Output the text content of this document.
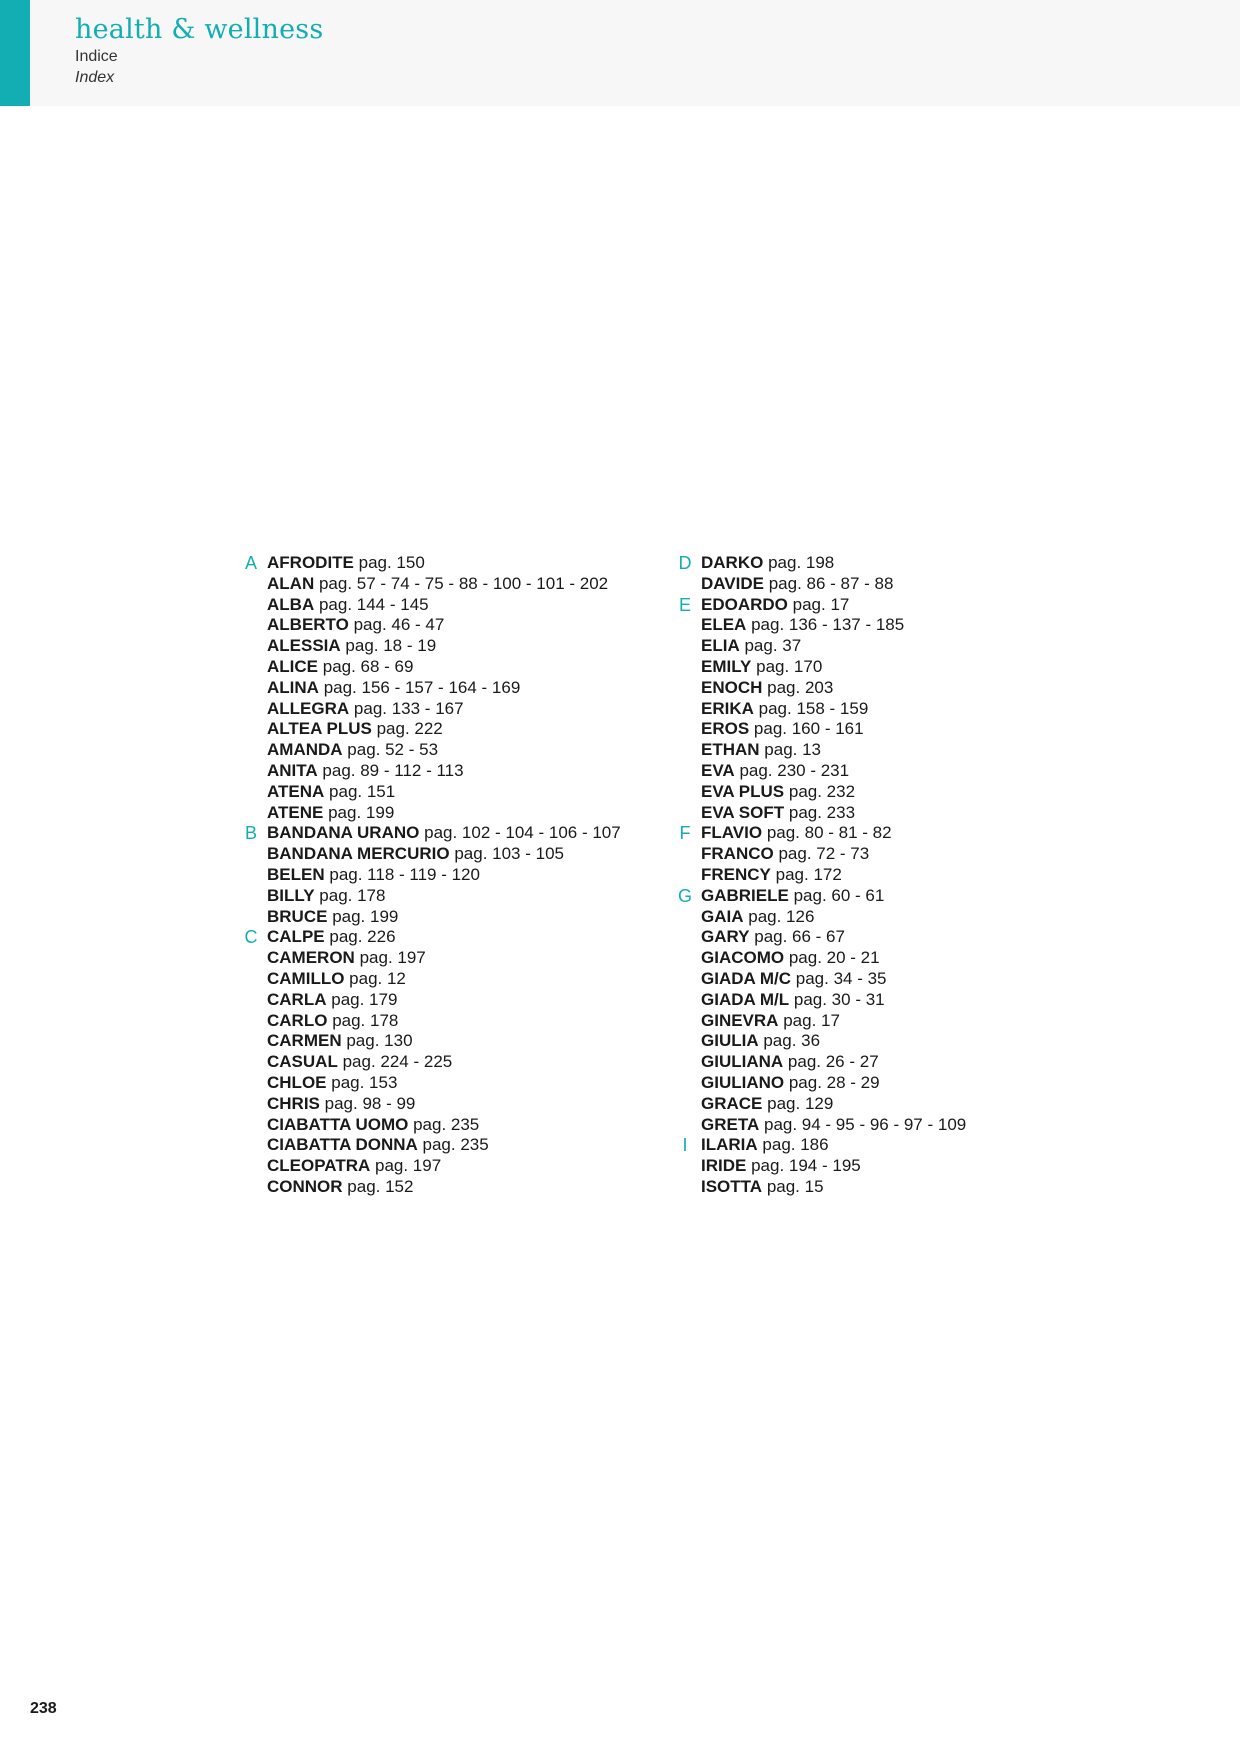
health & wellness
Indice
Index
A AFRODITE pag. 150
ALAN pag. 57 - 74 - 75 - 88 - 100 - 101 - 202
ALBA pag. 144 - 145
ALBERTO pag. 46 - 47
ALESSIA pag. 18 - 19
ALICE pag. 68 - 69
ALINA pag. 156 - 157 - 164 - 169
ALLEGRA pag. 133 - 167
ALTEA PLUS pag. 222
AMANDA pag. 52 - 53
ANITA pag. 89 - 112 - 113
ATENA pag. 151
ATENE pag. 199
B BANDANA URANO pag. 102 - 104 - 106 - 107
BANDANA MERCURIO pag. 103 - 105
BELEN pag. 118 - 119 - 120
BILLY pag. 178
BRUCE pag. 199
C CALPE pag. 226
CAMERON pag. 197
CAMILLO pag. 12
CARLA pag. 179
CARLO pag. 178
CARMEN pag. 130
CASUAL pag. 224 - 225
CHLOE pag. 153
CHRIS pag. 98 - 99
CIABATTA UOMO pag. 235
CIABATTA DONNA pag. 235
CLEOPATRA pag. 197
CONNOR pag. 152
D DARKO pag. 198
DAVIDE pag. 86 - 87 - 88
E EDOARDO pag. 17
ELEA pag. 136 - 137 - 185
ELIA pag. 37
EMILY pag. 170
ENOCH pag. 203
ERIKA pag. 158 - 159
EROS pag. 160 - 161
ETHAN pag. 13
EVA pag. 230 - 231
EVA PLUS pag. 232
EVA SOFT pag. 233
F FLAVIO pag. 80 - 81 - 82
FRANCO pag. 72 - 73
FRENCY pag. 172
G GABRIELE pag. 60 - 61
GAIA pag. 126
GARY pag. 66 - 67
GIACOMO pag. 20 - 21
GIADA M/C pag. 34 - 35
GIADA M/L pag. 30 - 31
GINEVRA pag. 17
GIULIA pag. 36
GIULIANA pag. 26 - 27
GIULIANO pag. 28 - 29
GRACE pag. 129
GRETA pag. 94 - 95 - 96 - 97 - 109
I ILARIA pag. 186
IRIDE pag. 194 - 195
ISOTTA pag. 15
238
